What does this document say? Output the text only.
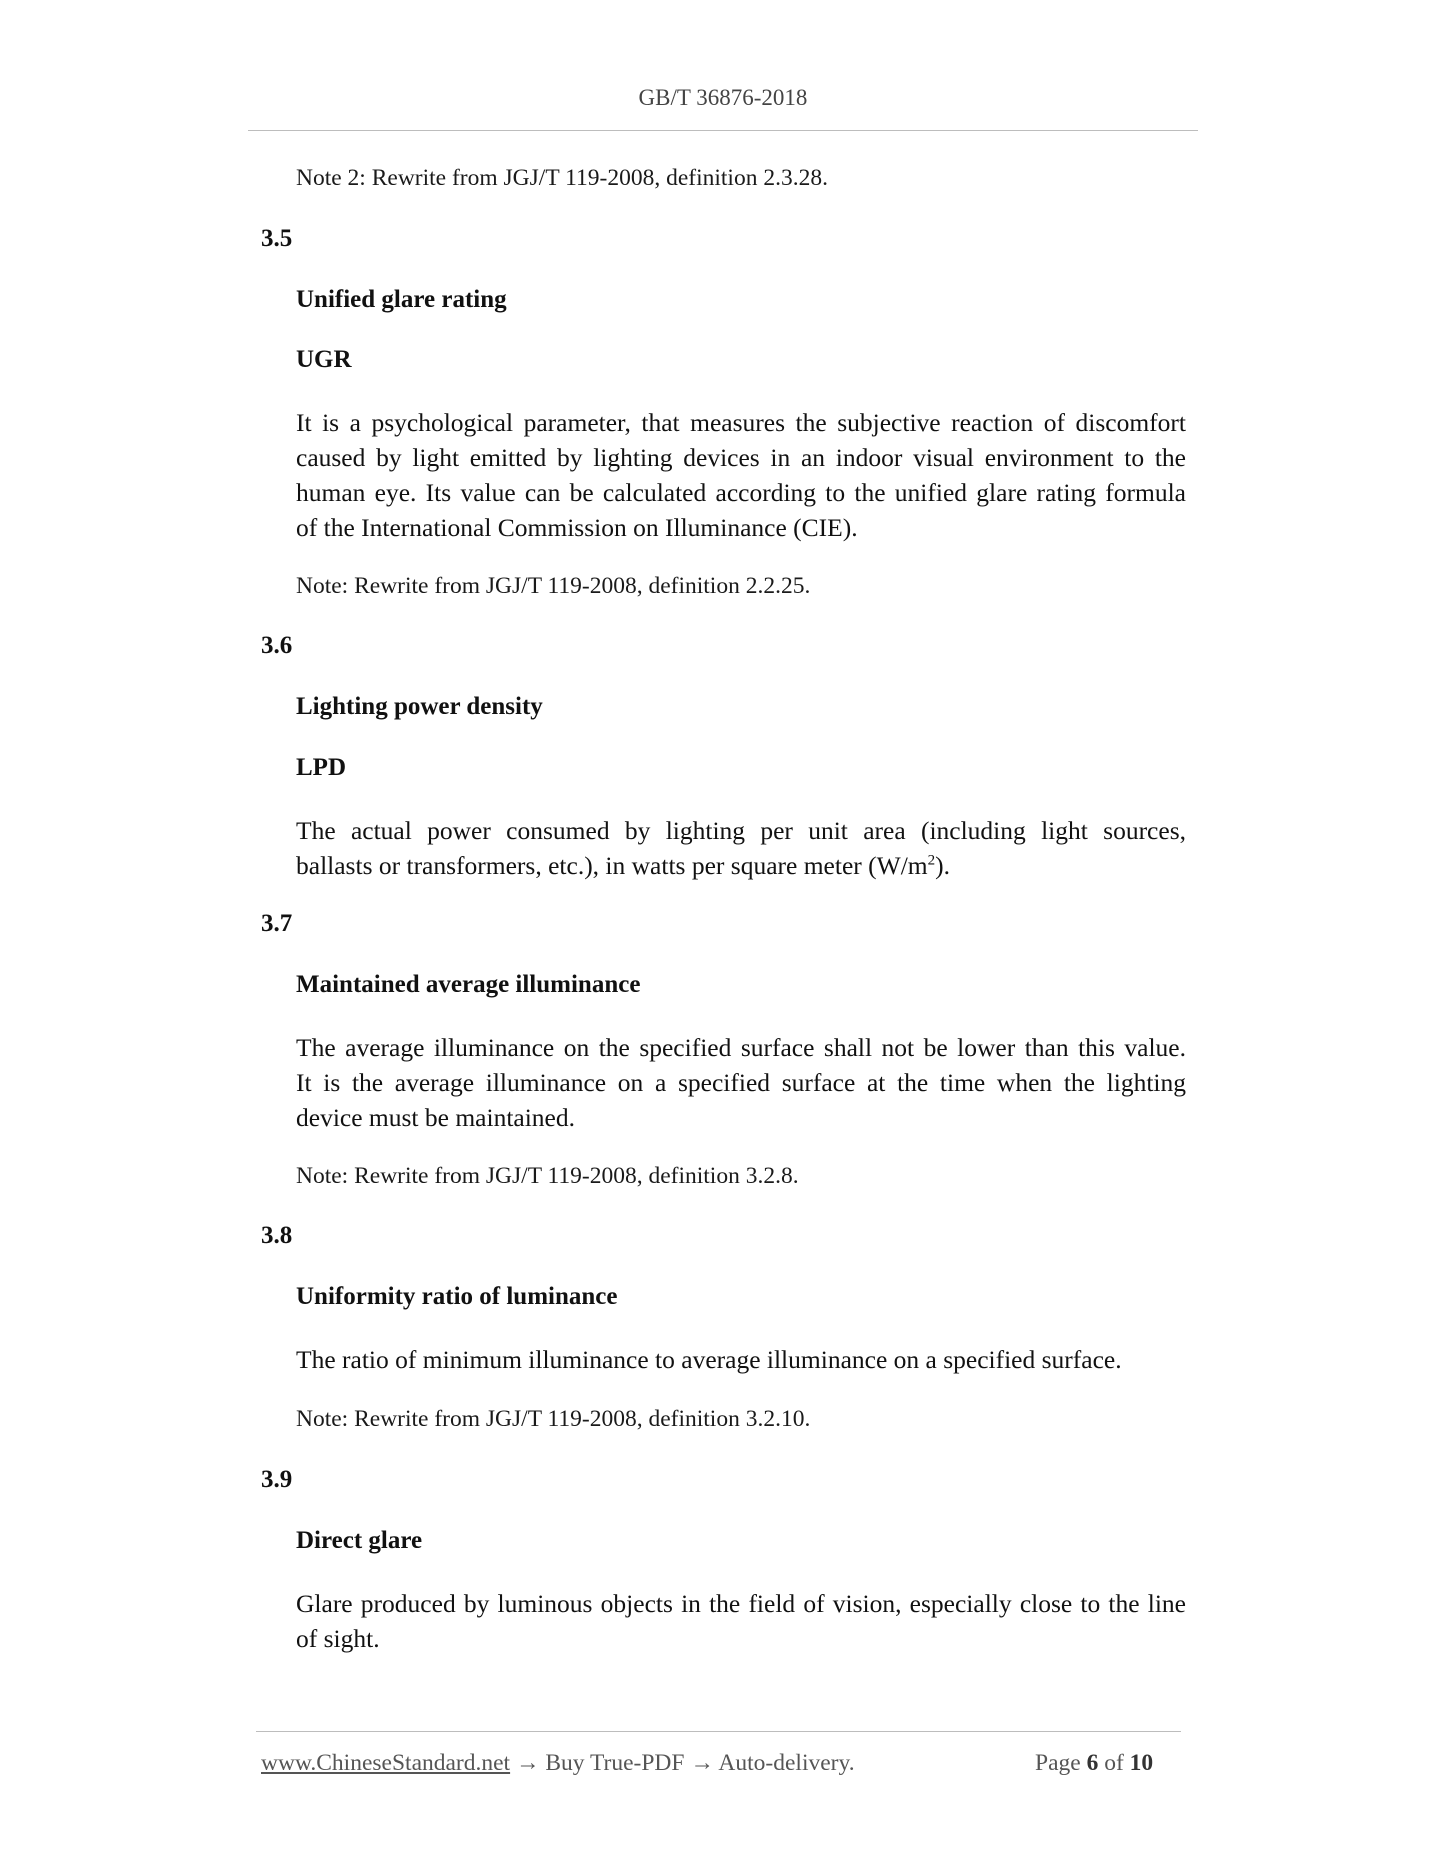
GB/T 36876-2018
Note 2: Rewrite from JGJ/T 119-2008, definition 2.3.28.
3.5
Unified glare rating
UGR
It is a psychological parameter, that measures the subjective reaction of discomfort
caused by light emitted by lighting devices in an indoor visual environment to the
human eye. Its value can be calculated according to the unified glare rating formula
of the International Commission on Illuminance (CIE).
Note: Rewrite from JGJ/T 119-2008, definition 2.2.25.
3.6
Lighting power density
LPD
The actual power consumed by lighting per unit area (including light sources,
ballasts or transformers, etc.), in watts per square meter $(W/m^2)$.
3.7
Maintained average illuminance
The average illuminance on the specified surface shall not be lower than this value.
It is the average illuminance on a specified surface at the time when the lighting
device must be maintained.
Note: Rewrite from JGJ/T 119-2008, definition 3.2.8.
3.8
Uniformity ratio of luminance
The ratio of minimum illuminance to average illuminance on a specified surface.
Note: Rewrite from JGJ/T 119-2008, definition 3.2.10.
3.9
Direct glare
Glare produced by luminous objects in the field of vision, especially close to the line
of sight.
www.ChineseStandard.net → Buy True-PDF → Auto-delivery.	Page 6 of 10
